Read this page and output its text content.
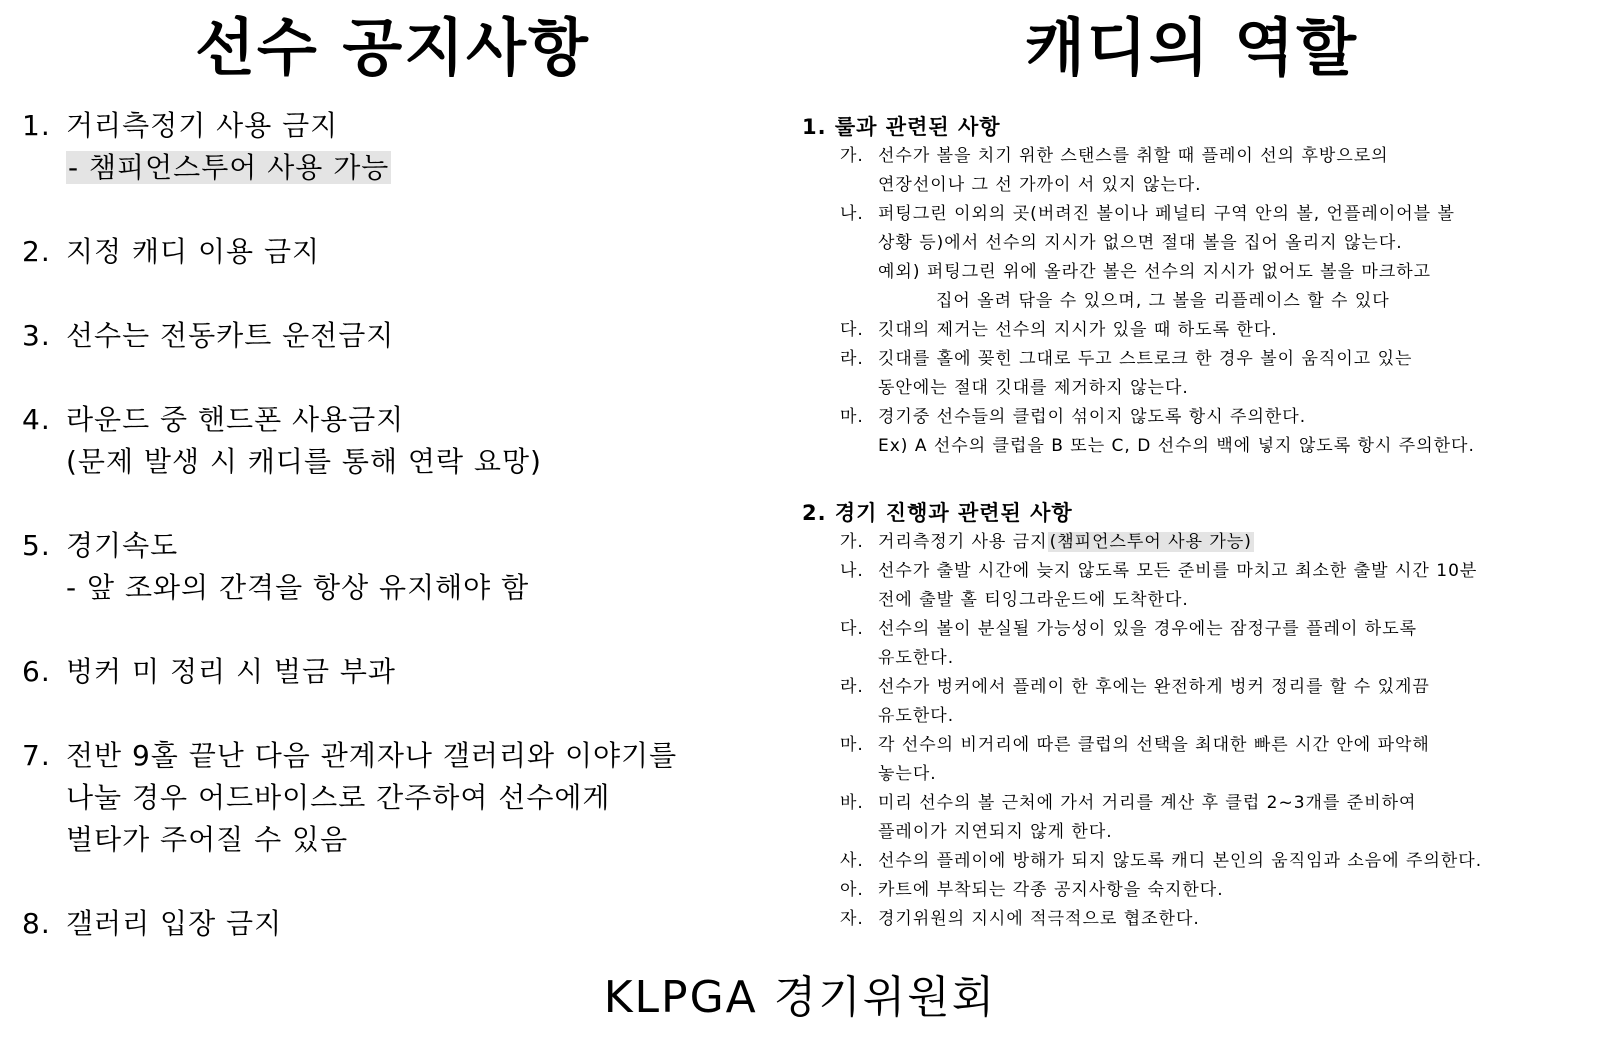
선수 공지사항
1. 거리측정기 사용 금지
- 챔피언스투어 사용 가능
2. 지정 캐디 이용 금지
3. 선수는 전동카트 운전금지
4. 라운드 중 핸드폰 사용금지
(문제 발생 시 캐디를 통해 연락 요망)
5. 경기속도
- 앞 조와의 간격을 항상 유지해야 함
6. 벙커 미 정리 시 벌금 부과
7. 전반 9홀 끝난 다음 관계자나 갤러리와 이야기를
나눌 경우 어드바이스로 간주하여 선수에게
벌타가 주어질 수 있음
8. 갤러리 입장 금지
캐디의 역할
1. 룰과 관련된 사항
가. 선수가 볼을 치기 위한 스탠스를 취할 때 플레이 선의 후방으로의
연장선이나 그 선 가까이 서 있지 않는다.
나. 퍼팅그린 이외의 곳(버려진 볼이나 페널티 구역 안의 볼, 언플레이어블 볼
상황 등)에서 선수의 지시가 없으면 절대 볼을 집어 올리지 않는다.
예외) 퍼팅그린 위에 올라간 볼은 선수의 지시가 없어도 볼을 마크하고
집어 올려 닦을 수 있으며, 그 볼을 리플레이스 할 수 있다
다. 깃대의 제거는 선수의 지시가 있을 때 하도록 한다.
라. 깃대를 홀에 꽂힌 그대로 두고 스트로크 한 경우 볼이 움직이고 있는
동안에는 절대 깃대를 제거하지 않는다.
마. 경기중 선수들의 클럽이 섞이지 않도록 항시 주의한다.
Ex) A 선수의 클럽을 B 또는 C, D 선수의 백에 넣지 않도록 항시 주의한다.
2. 경기 진행과 관련된 사항
가. 거리측정기 사용 금지 (챔피언스투어 사용 가능)
나. 선수가 출발 시간에 늦지 않도록 모든 준비를 마치고 최소한 출발 시간 10분
전에 출발 홀 티잉그라운드에 도착한다.
다. 선수의 볼이 분실될 가능성이 있을 경우에는 잠정구를 플레이 하도록
유도한다.
라. 선수가 벙커에서 플레이 한 후에는 완전하게 벙커 정리를 할 수 있게끔
유도한다.
마. 각 선수의 비거리에 따른 클럽의 선택을 최대한 빠른 시간 안에 파악해
놓는다.
바. 미리 선수의 볼 근처에 가서 거리를 계산 후 클럽 2~3개를 준비하여
플레이가 지연되지 않게 한다.
사. 선수의 플레이에 방해가 되지 않도록 캐디 본인의 움직임과 소음에 주의한다.
아. 카트에 부착되는 각종 공지사항을 숙지한다.
자. 경기위원의 지시에 적극적으로 협조한다.
KLPGA 경기위원회
